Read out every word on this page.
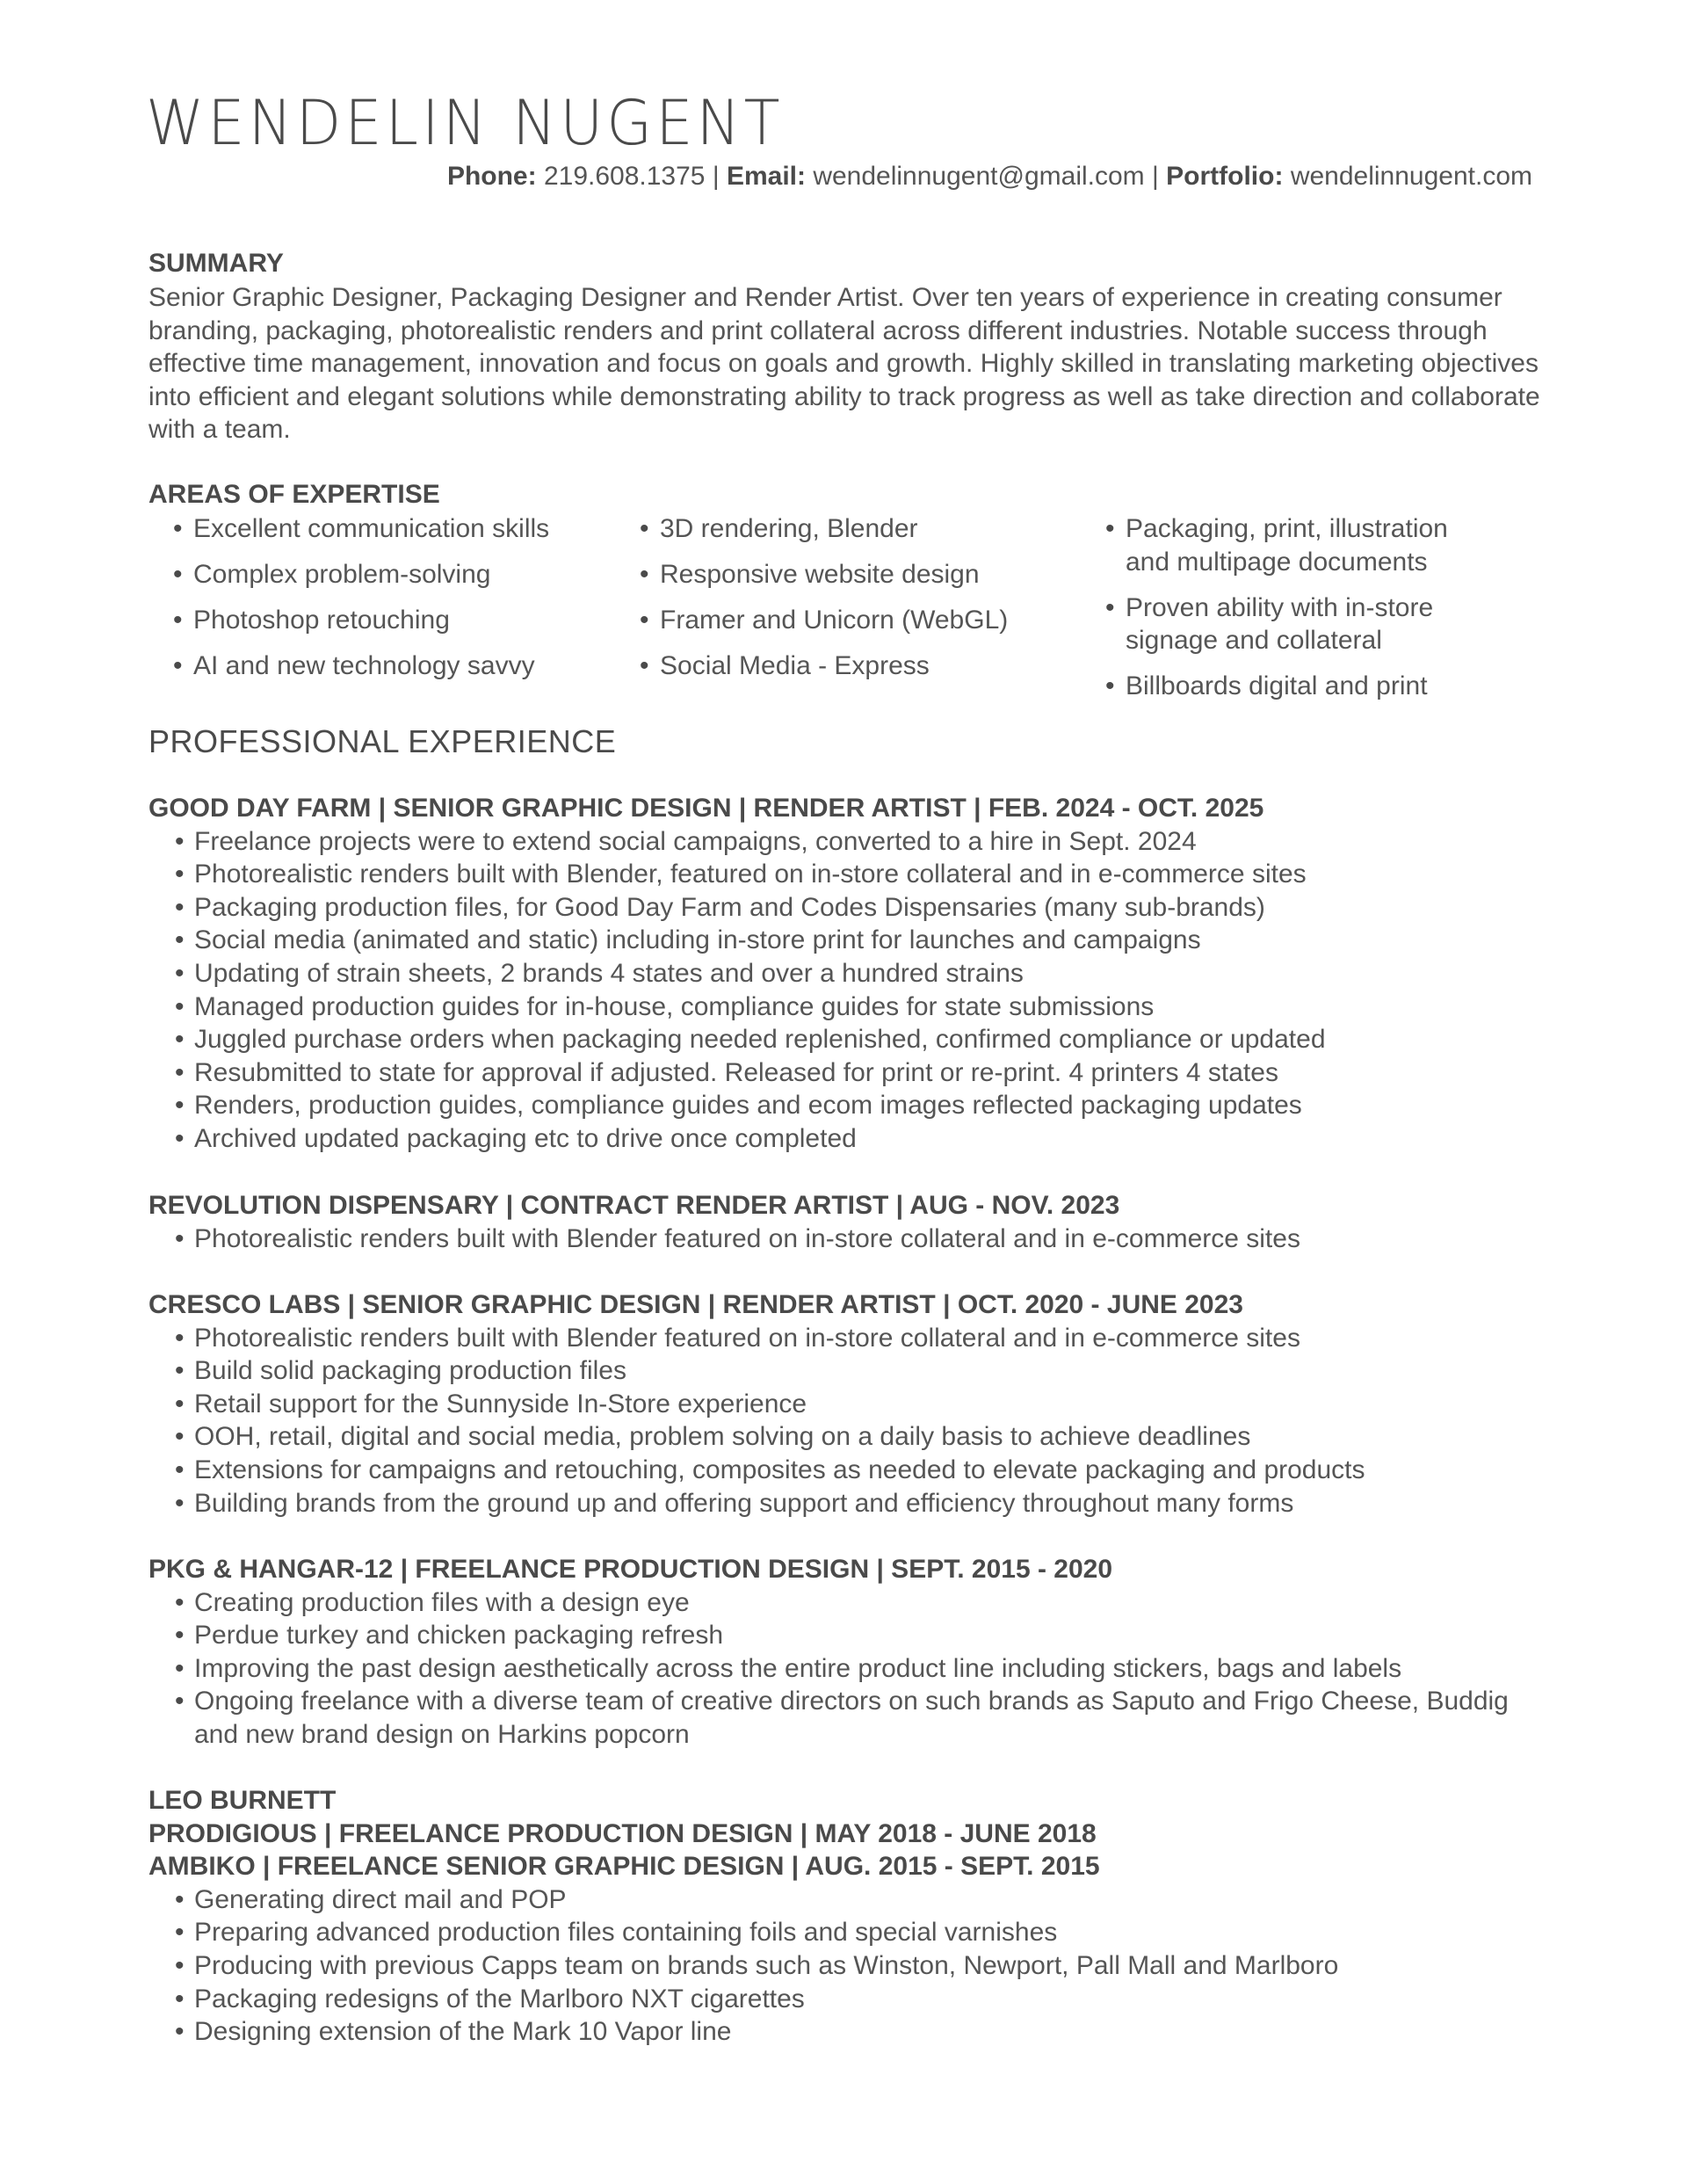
WENDELIN NUGENT
Phone: 219.608.1375 | Email: wendelinnugent@gmail.com | Portfolio: wendelinnugent.com
SUMMARY

Senior Graphic Designer, Packaging Designer and Render Artist. Over ten years of experience in creating consumer branding, packaging, photorealistic renders and print collateral across different industries. Notable success through effective time management, innovation and focus on goals and growth. Highly skilled in translating marketing objectives into efficient and elegant solutions while demonstrating ability to track progress as well as take direction and collaborate with a team.

AREAS OF EXPERTISE
• Excellent communication skills
• Complex problem-solving
• Photoshop retouching
• AI and new technology savvy
• 3D rendering, Blender
• Responsive website design
• Framer and Unicorn (WebGL)
• Social Media - Express
• Packaging, print, illustration
and multipage documents
• Proven ability with in-store
signage and collateral
• Billboards digital and print
PROFESSIONAL EXPERIENCE
GOOD DAY FARM | SENIOR GRAPHIC DESIGN | RENDER ARTIST | FEB. 2024 - OCT. 2025
• Freelance projects were to extend social campaigns, converted to a hire in Sept. 2024
• Photorealistic renders built with Blender, featured on in-store collateral and in e-commerce sites
• Packaging production files, for Good Day Farm and Codes Dispensaries (many sub-brands)
• Social media (animated and static) including in-store print for launches and campaigns
• Updating of strain sheets, 2 brands 4 states and over a hundred strains
• Managed production guides for in-house, compliance guides for state submissions
• Juggled purchase orders when packaging needed replenished, confirmed compliance or updated
• Resubmitted to state for approval if adjusted. Released for print or re-print. 4 printers 4 states
• Renders, production guides, compliance guides and ecom images reflected packaging updates
• Archived updated packaging etc to drive once completed
REVOLUTION DISPENSARY | CONTRACT RENDER ARTIST | AUG - NOV. 2023
• Photorealistic renders built with Blender featured on in-store collateral and in e-commerce sites
CRESCO LABS | SENIOR GRAPHIC DESIGN | RENDER ARTIST | OCT. 2020 - JUNE 2023
• Photorealistic renders built with Blender featured on in-store collateral and in e-commerce sites
• Build solid packaging production files
• Retail support for the Sunnyside In-Store experience
• OOH, retail, digital and social media, problem solving on a daily basis to achieve deadlines
• Extensions for campaigns and retouching, composites as needed to elevate packaging and products
• Building brands from the ground up and offering support and efficiency throughout many forms
PKG & HANGAR-12 | FREELANCE PRODUCTION DESIGN | SEPT. 2015 - 2020
• Creating production files with a design eye
• Perdue turkey and chicken packaging refresh
• Improving the past design aesthetically across the entire product line including stickers, bags and labels
• Ongoing freelance with a diverse team of creative directors on such brands as Saputo and Frigo Cheese, Buddig and new brand design on Harkins popcorn
LEO BURNETT
PRODIGIOUS | FREELANCE PRODUCTION DESIGN | MAY 2018 - JUNE 2018
AMBIKO | FREELANCE SENIOR GRAPHIC DESIGN | AUG. 2015 - SEPT. 2015
• Generating direct mail and POP
• Preparing advanced production files containing foils and special varnishes
• Producing with previous Capps team on brands such as Winston, Newport, Pall Mall and Marlboro
• Packaging redesigns of the Marlboro NXT cigarettes
• Designing extension of the Mark 10 Vapor line
